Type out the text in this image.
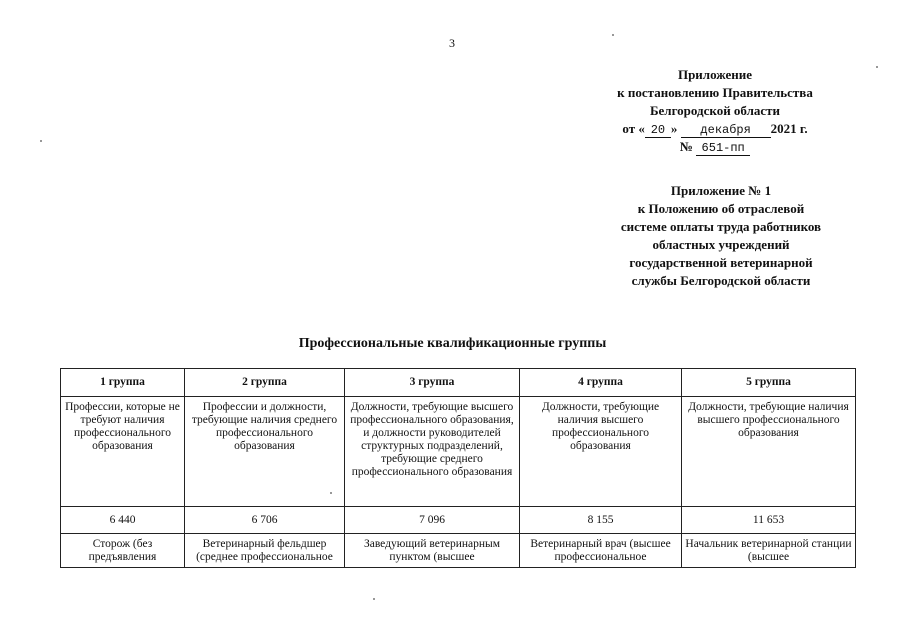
3
Приложение
к постановлению Правительства
Белгородской области
от « 20 » декабря 2021 г.
№ 651-пп
Приложение № 1
к Положению об отраслевой
системе оплаты труда работников
областных учреждений
государственной ветеринарной
службы Белгородской области
Профессиональные квалификационные группы
1 группа	2 группа	3 группа	4 группа	5 группа
Профессии, которые не требуют наличия профессионального образования	Профессии и должности, требующие наличия среднего профессионального образования	Должности, требующие высшего профессионального образования, и должности руководителей структурных подразделений, требующие среднего профессионального образования	Должности, требующие наличия высшего профессионального образования	Должности, требующие наличия высшего профессионального образования
6 440	6 706	7 096	8 155	11 653
Сторож (без предъявления	Ветеринарный фельдшер (среднее профессиональное	Заведующий ветеринарным пунктом (высшее	Ветеринарный врач (высшее профессиональное	Начальник ветеринарной станции (высшее
